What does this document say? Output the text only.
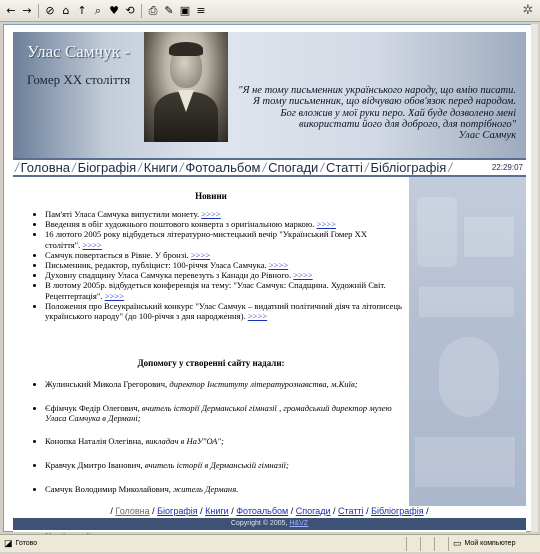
← → ⊘ ⌂ ↑ ⌕ ♥ ⟲ ⎙ ✎ ▣ ≡	✲
Улас Самчук -
Гомер ХХ століття
"Я не тому письменник українського народу, що вмію писати.
Я тому письменник, що відчуваю обов'язок перед народом.
Бог вложив у мої руки перо. Хай буде дозволено мені
використати його для доброго, для потрібного"
Улас Самчук
/ Головна / Біографія / Книги / Фотоальбом / Спогади / Статті / Бібліографія /	22:29:07
Новини
• Пам'яті Уласа Самчука випустили монету. >>>>
• Введення в обіг художнього поштового конверта з оригінальною маркою. >>>>
• 16 лютого 2005 року відбудеться літературно-мистецький вечір "Український Гомер ХХ століття". >>>>
• Самчук повертається в Рівне. У бронзі. >>>>
• Письменник, редактор, публіцист: 100-річчя Уласа Самчука. >>>>
• Духовну спадщину Уласа Самчука перевезуть з Канади до Рівного. >>>>
• В лютому 2005р. відбудеться конференція на тему: "Улас Самчук: Спадщина. Художній Світ. Рецептертація". >>>>
• Положення про Всеукраїнський конкурс "Улас Самчук – видатний політичний діяч та літописець українського народу" (до 100-річчя з дня народження). >>>>
Допомогу у створенні сайту надали:
• Жулинський Микола Грегорович, директор Інституту літературознавства, м.Київ;
• Єфімчук Федір Олегович, вчитель історії Дерманської гімназії , громадський директор музею Уласа Самчука в Дермані;
• Конопка Наталія Олегівна, викладач в НаУ"ОА";
• Кравчук Дмитро Іванович, вчитель історії в Дерманській гімназії;
• Самчук Володимир Миколайович, житель Дерманя.
•
•
/ Головна / Біографія / Книги / Фотоальбом / Спогади / Статті / Бібліографія /
Copyright © 2005, H&VZ
◪ Готово	▭ Мой компьютер
